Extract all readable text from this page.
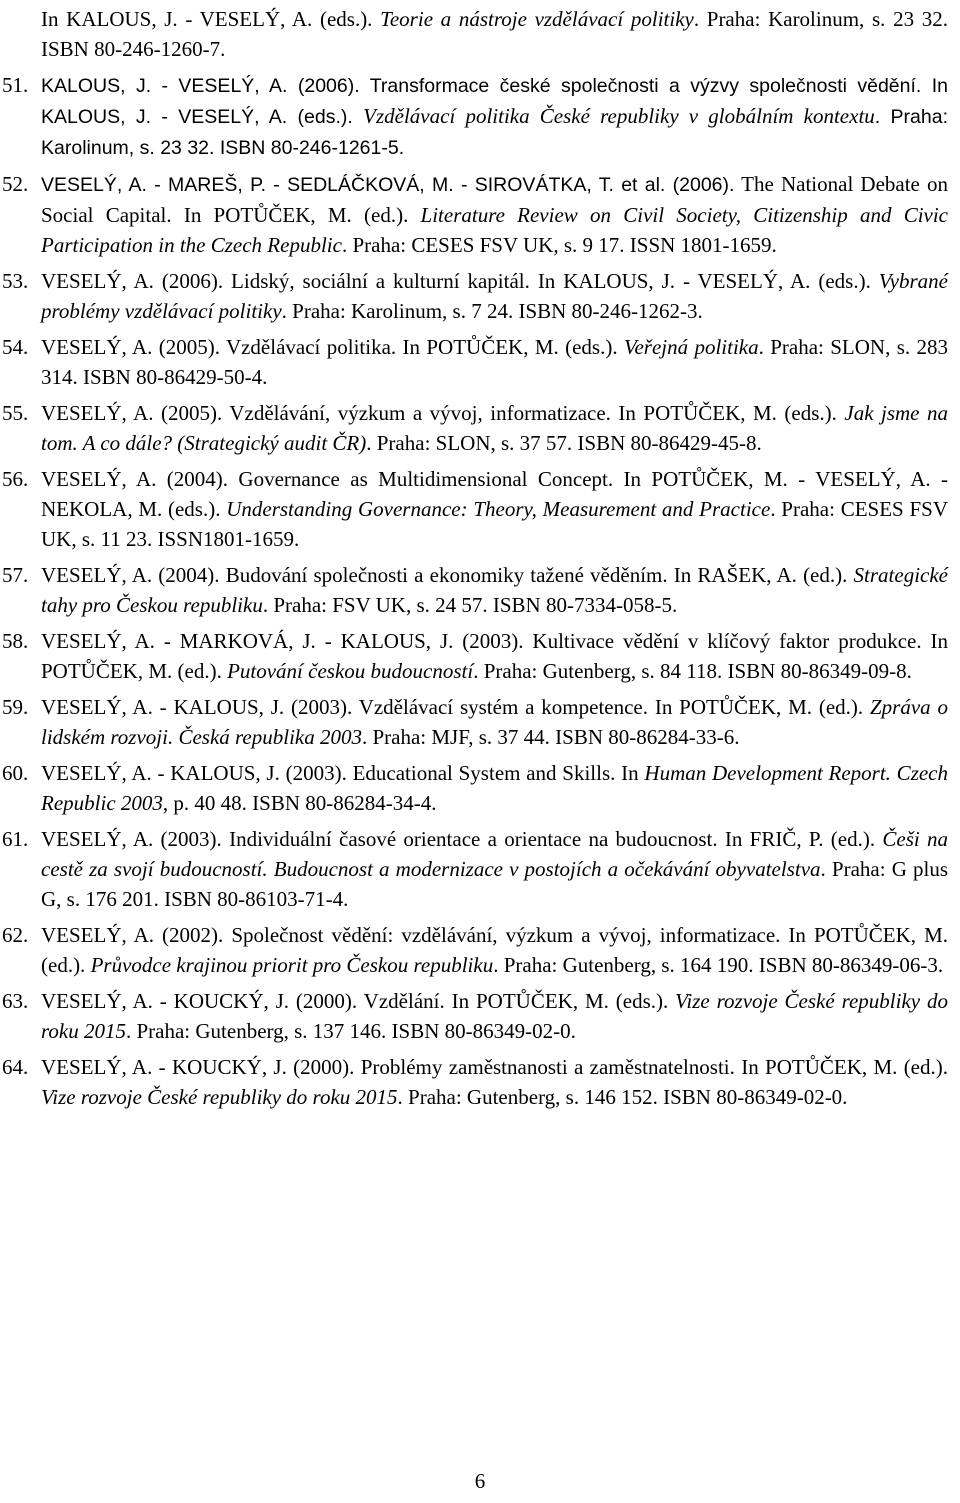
In KALOUS, J. - VESELÝ, A. (eds.). Teorie a nástroje vzdělávací politiky. Praha: Karolinum, s. 23 32. ISBN 80-246-1260-7.
51. KALOUS, J. - VESELÝ, A. (2006). Transformace české společnosti a výzvy společnosti vědění. In KALOUS, J. - VESELÝ, A. (eds.). Vzdělávací politika České republiky v globálním kontextu. Praha: Karolinum, s. 23 32. ISBN 80-246-1261-5.
52. VESELÝ, A. - MAREŠ, P. - SEDLÁČKOVÁ, M. - SIROVÁTKA, T. et al. (2006). The National Debate on Social Capital. In POTŮČEK, M. (ed.). Literature Review on Civil Society, Citizenship and Civic Participation in the Czech Republic. Praha: CESES FSV UK, s. 9 17. ISSN 1801-1659.
53. VESELÝ, A. (2006). Lidský, sociální a kulturní kapitál. In KALOUS, J. - VESELÝ, A. (eds.). Vybrané problémy vzdělávací politiky. Praha: Karolinum, s. 7 24. ISBN 80-246-1262-3.
54. VESELÝ, A. (2005). Vzdělávací politika. In POTŮČEK, M. (eds.). Veřejná politika. Praha: SLON, s. 283 314. ISBN 80-86429-50-4.
55. VESELÝ, A. (2005). Vzdělávání, výzkum a vývoj, informatizace. In POTŮČEK, M. (eds.). Jak jsme na tom. A co dále? (Strategický audit ČR). Praha: SLON, s. 37 57. ISBN 80-86429-45-8.
56. VESELÝ, A. (2004). Governance as Multidimensional Concept. In POTŮČEK, M. - VESELÝ, A. - NEKOLA, M. (eds.). Understanding Governance: Theory, Measurement and Practice. Praha: CESES FSV UK, s. 11 23. ISSN1801-1659.
57. VESELÝ, A. (2004). Budování společnosti a ekonomiky tažené věděním. In RAŠEK, A. (ed.). Strategické tahy pro Českou republiku. Praha: FSV UK, s. 24 57. ISBN 80-7334-058-5.
58. VESELÝ, A. - MARKOVÁ, J. - KALOUS, J. (2003). Kultivace vědění v klíčový faktor produkce. In POTŮČEK, M. (ed.). Putování českou budoucností. Praha: Gutenberg, s. 84 118. ISBN 80-86349-09-8.
59. VESELÝ, A. - KALOUS, J. (2003). Vzdělávací systém a kompetence. In POTŮČEK, M. (ed.). Zpráva o lidském rozvoji. Česká republika 2003. Praha: MJF, s. 37 44. ISBN 80-86284-33-6.
60. VESELÝ, A. - KALOUS, J. (2003). Educational System and Skills. In Human Development Report. Czech Republic 2003, p. 40 48. ISBN 80-86284-34-4.
61. VESELÝ, A. (2003). Individuální časové orientace a orientace na budoucnost. In FRIČ, P. (ed.). Češi na cestě za svojí budoucností. Budoucnost a modernizace v postojích a očekávání obyvatelstva. Praha: G plus G, s. 176 201. ISBN 80-86103-71-4.
62. VESELÝ, A. (2002). Společnost vědění: vzdělávání, výzkum a vývoj, informatizace. In POTŮČEK, M. (ed.). Průvodce krajinou priorit pro Českou republiku. Praha: Gutenberg, s. 164 190. ISBN 80-86349-06-3.
63. VESELÝ, A. - KOUCKÝ, J. (2000). Vzdělání. In POTŮČEK, M. (eds.). Vize rozvoje České republiky do roku 2015. Praha: Gutenberg, s. 137 146. ISBN 80-86349-02-0.
64. VESELÝ, A. - KOUCKÝ, J. (2000). Problémy zaměstnanosti a zaměstnatelnosti. In POTŮČEK, M. (ed.). Vize rozvoje České republiky do roku 2015. Praha: Gutenberg, s. 146 152. ISBN 80-86349-02-0.
6
